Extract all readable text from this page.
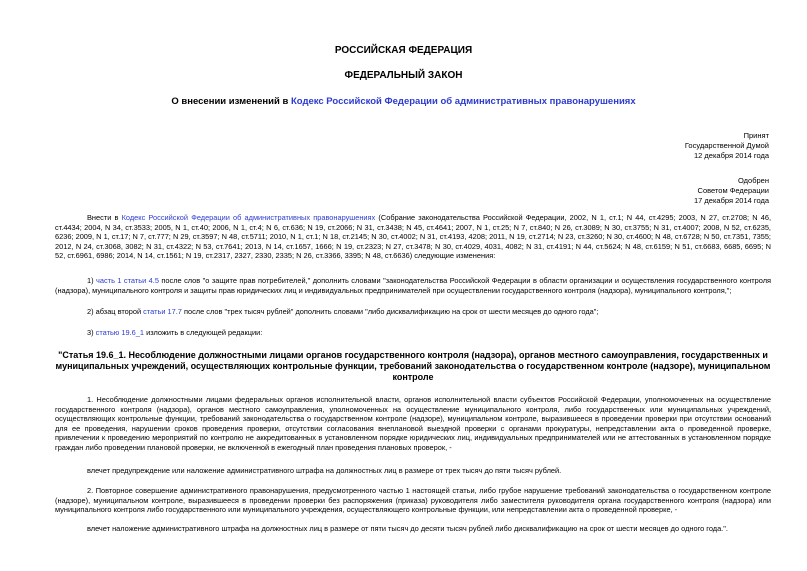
РОССИЙСКАЯ ФЕДЕРАЦИЯ
ФЕДЕРАЛЬНЫЙ ЗАКОН
О внесении изменений в Кодекс Российской Федерации об административных правонарушениях
Принят
Государственной Думой
12 декабря 2014 года
Одобрен
Советом Федерации
17 декабря 2014 года
Внести в Кодекс Российской Федерации об административных правонарушениях (Собрание законодательства Российской Федерации, 2002, N 1, ст.1; N 44, ст.4295; 2003, N 27, ст.2708; N 46, ст.4434; 2004, N 34, ст.3533; 2005, N 1, ст.40; 2006, N 1, ст.4; N 6, ст.636; N 19, ст.2066; N 31, ст.3438; N 45, ст.4641; 2007, N 1, ст.25; N 7, ст.840; N 26, ст.3089; N 30, ст.3755; N 31, ст.4007; 2008, N 52, ст.6235, 6236; 2009, N 1, ст.17; N 7, ст.777; N 29, ст.3597; N 48, ст.5711; 2010, N 1, ст.1; N 18, ст.2145; N 30, ст.4002; N 31, ст.4193, 4208; 2011, N 19, ст.2714; N 23, ст.3260; N 30, ст.4600; N 48, ст.6728; N 50, ст.7351, 7355; 2012, N 24, ст.3068, 3082; N 31, ст.4322; N 53, ст.7641; 2013, N 14, ст.1657, 1666; N 19, ст.2323; N 27, ст.3478; N 30, ст.4029, 4031, 4082; N 31, ст.4191; N 44, ст.5624; N 48, ст.6159; N 51, ст.6683, 6685, 6695; N 52, ст.6961, 6986; 2014, N 14, ст.1561; N 19, ст.2317, 2327, 2330, 2335; N 26, ст.3366, 3395; N 48, ст.6636) следующие изменения:
1) часть 1 статьи 4.5 после слов "о защите прав потребителей," дополнить словами "законодательства Российской Федерации в области организации и осуществления государственного контроля (надзора), муниципального контроля и защиты прав юридических лиц и индивидуальных предпринимателей при осуществлении государственного контроля (надзора), муниципального контроля,";
2) абзац второй статьи 17.7 после слов "трех тысяч рублей" дополнить словами "либо дисквалификацию на срок от шести месяцев до одного года";
3) статью 19.6_1 изложить в следующей редакции:
"Статья 19.6_1. Несоблюдение должностными лицами органов государственного контроля (надзора), органов местного самоуправления, государственных и муниципальных учреждений, осуществляющих контрольные функции, требований законодательства о государственном контроле (надзоре), муниципальном контроле
1. Несоблюдение должностными лицами федеральных органов исполнительной власти, органов исполнительной власти субъектов Российской Федерации, уполномоченных на осуществление государственного контроля (надзора), органов местного самоуправления, уполномоченных на осуществление муниципального контроля, либо государственных или муниципальных учреждений, осуществляющих контрольные функции, требований законодательства о государственном контроле (надзоре), муниципальном контроле, выразившееся в проведении проверки при отсутствии оснований для ее проведения, нарушении сроков проведения проверки, отсутствии согласования внеплановой выездной проверки с органами прокуратуры, непредставлении акта о проведенной проверке, привлечении к проведению мероприятий по контролю не аккредитованных в установленном порядке юридических лиц, индивидуальных предпринимателей или не аттестованных в установленном порядке граждан либо проведении плановой проверки, не включенной в ежегодный план проведения плановых проверок, -
влечет предупреждение или наложение административного штрафа на должностных лиц в размере от трех тысяч до пяти тысяч рублей.
2. Повторное совершение административного правонарушения, предусмотренного частью 1 настоящей статьи, либо грубое нарушение требований законодательства о государственном контроле (надзоре), муниципальном контроле, выразившееся в проведении проверки без распоряжения (приказа) руководителя либо заместителя руководителя органа государственного контроля (надзора) или муниципального контроля либо государственного или муниципального учреждения, осуществляющего контрольные функции, или непредставлении акта о проведенной проверке, -
влечет наложение административного штрафа на должностных лиц в размере от пяти тысяч до десяти тысяч рублей либо дисквалификацию на срок от шести месяцев до одного года.".
